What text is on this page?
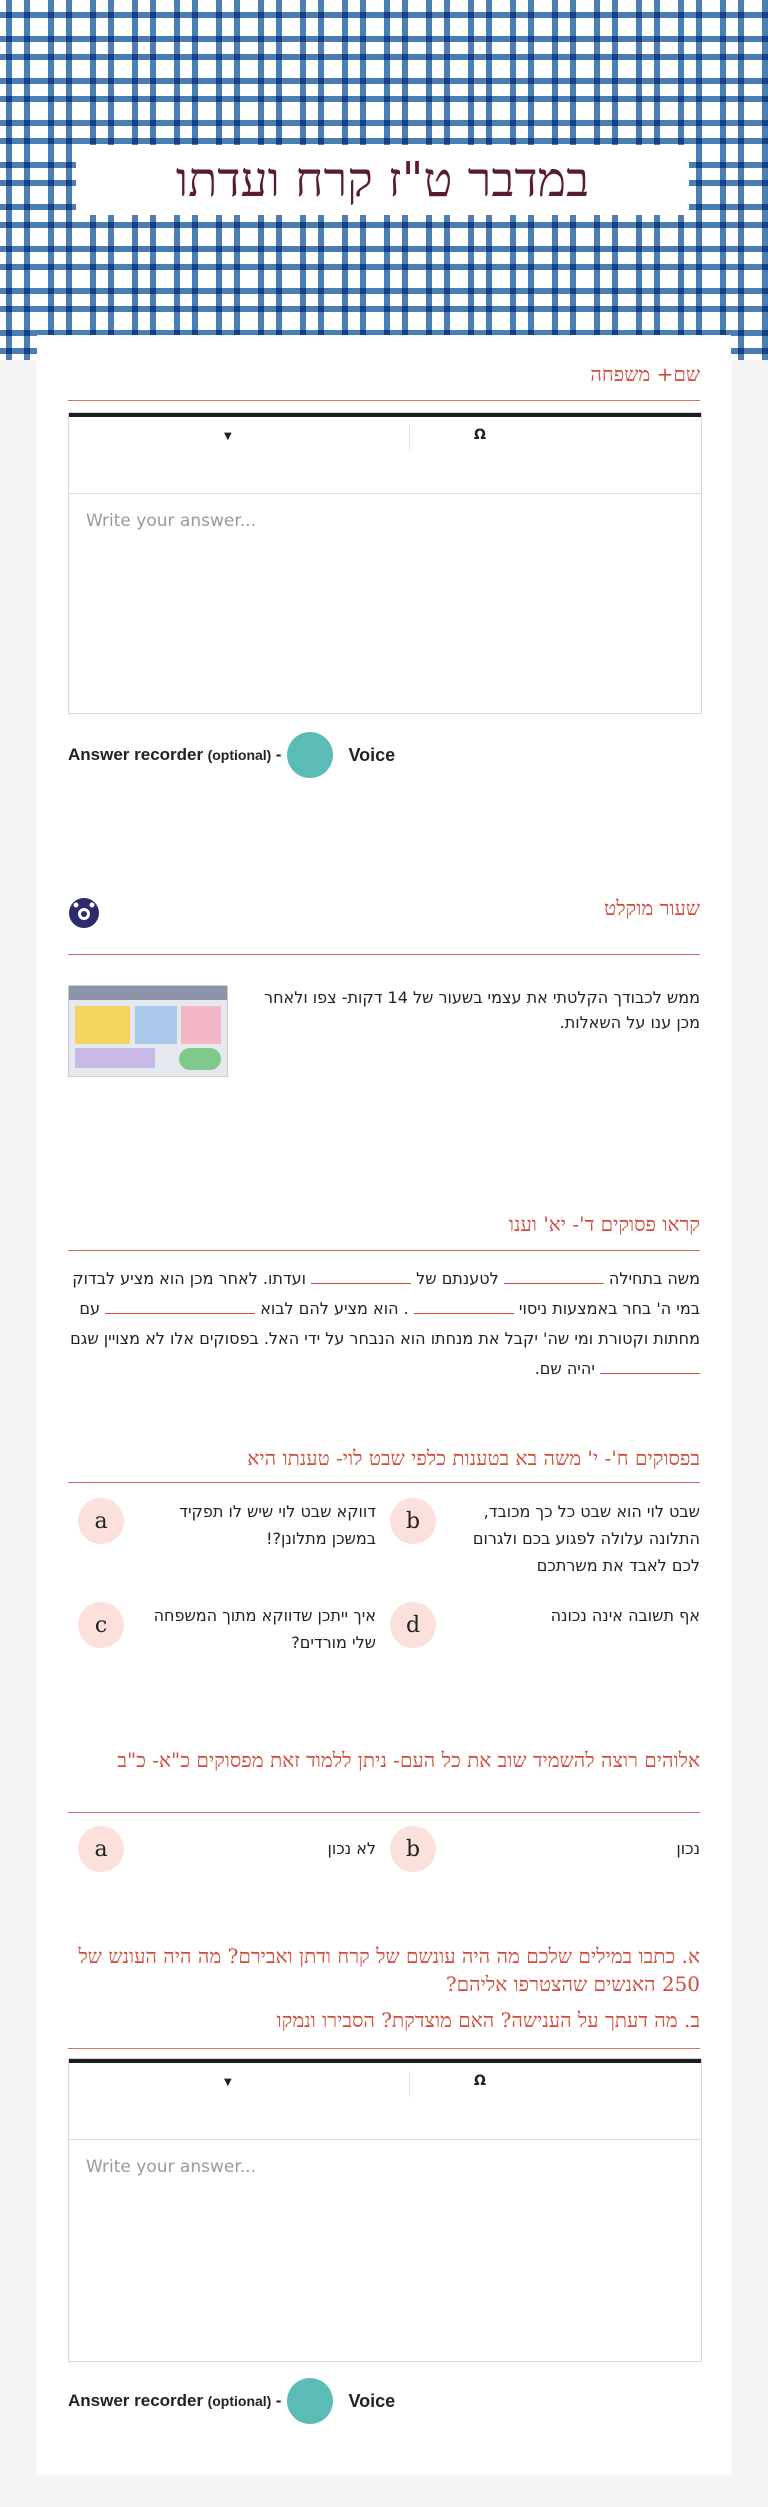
במדבר ט"ז קרח ועדתו
שם+ משפחה
▼	Ω
Write your answer...
Answer recorder
(optional)
-	Voice
שעור מוקלט
ממש לכבודך הקלטתי את עצמי בשעור של 14 דקות- צפו ולאחר מכן ענו על השאלות.
קראו פסוקים ד'- יא' וענו
משה בתחילה  לטענתם של  ועדתו. לאחר מכן הוא מציע לבדוק במי ה' בחר באמצעות ניסוי  . הוא מציע להם לבוא  עם מחתות וקטורת ומי שה' יקבל את מנחתו הוא הנבחר על ידי האל. בפסוקים אלו לא מצויין שגם  יהיה שם.
בפסוקים ח'- י' משה בא בטענות כלפי שבט לוי- טענתו היא
b	שבט לוי הוא שבט כל כך מכובד, התלונה עלולה לפגוע בכם ולגרום לכם לאבד את משרתכם
a	דווקא שבט לוי שיש לו תפקיד במשכן מתלונן?!
d	אף תשובה אינה נכונה
c	איך ייתכן שדווקא מתוך המשפחה שלי מורדים?
אלוהים רוצה להשמיד שוב את כל העם- ניתן ללמוד זאת מפסוקים כ"א- כ"ב
b	נכון
a	לא נכון
א. כתבו במילים שלכם מה היה עונשם של קרח ודתן ואבירם? מה היה העונש של 250 האנשים שהצטרפו אליהם?
ב. מה דעתך על הענישה? האם מוצדקת? הסבירו ונמקו
▼	Ω
Write your answer...
Answer recorder
(optional)
-	Voice
